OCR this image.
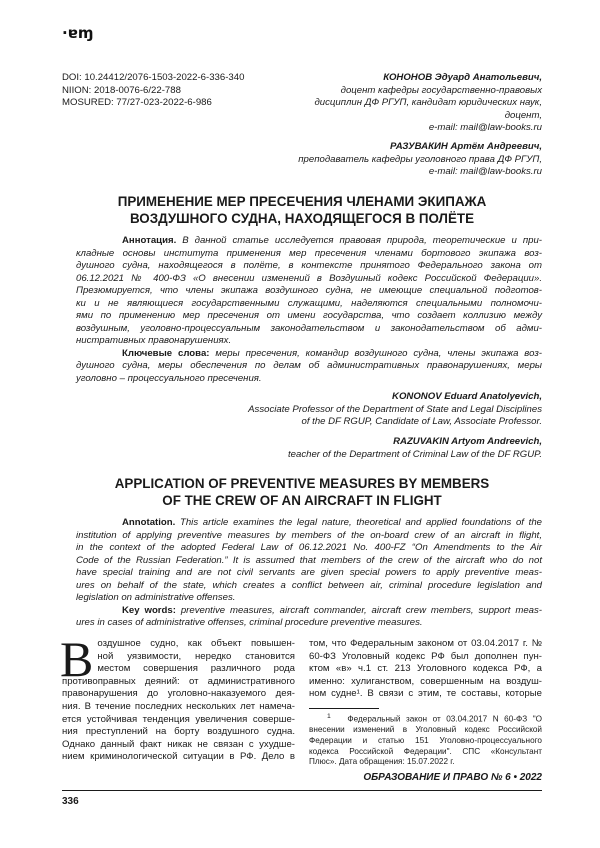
·ɐɱ
DOI: 10.24412/2076-1503-2022-6-336-340
NIION: 2018-0076-6/22-788
MOSURED: 77/27-023-2022-6-986
КОНОНОВ Эдуард Анатольевич,
доцент кафедры государственно-правовых
дисциплин ДФ РГУП, кандидат юридических наук,
доцент,
e-mail: mail@law-books.ru
РАЗУВАКИН Артём Андреевич,
преподаватель кафедры уголовного права ДФ РГУП,
e-mail: mail@law-books.ru
ПРИМЕНЕНИЕ МЕР ПРЕСЕЧЕНИЯ ЧЛЕНАМИ ЭКИПАЖА
ВОЗДУШНОГО СУДНА, НАХОДЯЩЕГОСЯ В ПОЛЁТЕ
Аннотация. В данной статье исследуется правовая природа, теоретические и при-
кладные основы института применения мер пресечения членами бортового экипажа воз-
душного судна, находящегося в полёте, в контексте принятого Федерального закона от
06.12.2021 № 400-ФЗ «О внесении изменений в Воздушный кодекс Российской Федерации».
Презюмируется, что члены экипажа воздушного судна, не имеющие специальной подготов-
ки и не являющиеся государственными служащими, наделяются специальными полномочи-
ями по применению мер пресечения от имени государства, что создает коллизию между
воздушным, уголовно-процессуальным законодательством и законодательством об адми-
нистративных правонарушениях.
Ключевые слова: меры пресечения, командир воздушного судна, члены экипажа воз-
душного судна, меры обеспечения по делам об административных правонарушениях, меры
уголовно – процессуального пресечения.
KONONOV Eduard Anatolyevich,
Associate Professor of the Department of State and Legal Disciplines
of the DF RGUP, Candidate of Law, Associate Professor.
RAZUVAKIN Artyom Andreevich,
teacher of the Department of Criminal Law of the DF RGUP.
APPLICATION OF PREVENTIVE MEASURES BY MEMBERS
OF THE CREW OF AN AIRCRAFT IN FLIGHT
Annotation. This article examines the legal nature, theoretical and applied foundations of the
institution of applying preventive measures by members of the on-board crew of an aircraft in flight,
in the context of the adopted Federal Law of 06.12.2021 No. 400-FZ “On Amendments to the Air
Code of the Russian Federation.” It is assumed that members of the crew of the aircraft who do not
have special training and are not civil servants are given special powers to apply preventive meas-
ures on behalf of the state, which creates a conflict between air, criminal procedure legislation and
legislation on administrative offenses.
Key words: preventive measures, aircraft commander, aircraft crew members, support meas-
ures in cases of administrative offenses, criminal procedure preventive measures.
В оздушное судно, как объект повышен-
ной уязвимости, нередко становится
местом совершения различного рода
противоправных деяний: от административного
правонарушения до уголовно-наказуемого дея-
ния. В течение последних нескольких лет намеча-
ется устойчивая тенденция увеличения соверше-
ния преступлений на борту воздушного судна.
Однако данный факт никак не связан с ухудше-
нием криминологической ситуации в РФ. Дело в
том, что Федеральным законом от 03.04.2017 г. №
60-ФЗ Уголовный кодекс РФ был дополнен пун-
ктом «в» ч.1 ст. 213 Уголовного кодекса РФ, а
именно: хулиганством, совершенным на воздуш-
ном судне¹. В связи с этим, те составы, которые
$^1$ Федеральный закон от 03.04.2017 N 60-ФЗ "О
внесении изменений в Уголовный кодекс Российской
Федерации и статью 151 Уголовно-процессуального
кодекса Российской Федерации". СПС «Консультант
Плюс». Дата обращения: 15.07.2022 г.
ОБРАЗОВАНИЕ И ПРАВО № 6 • 2022
336
